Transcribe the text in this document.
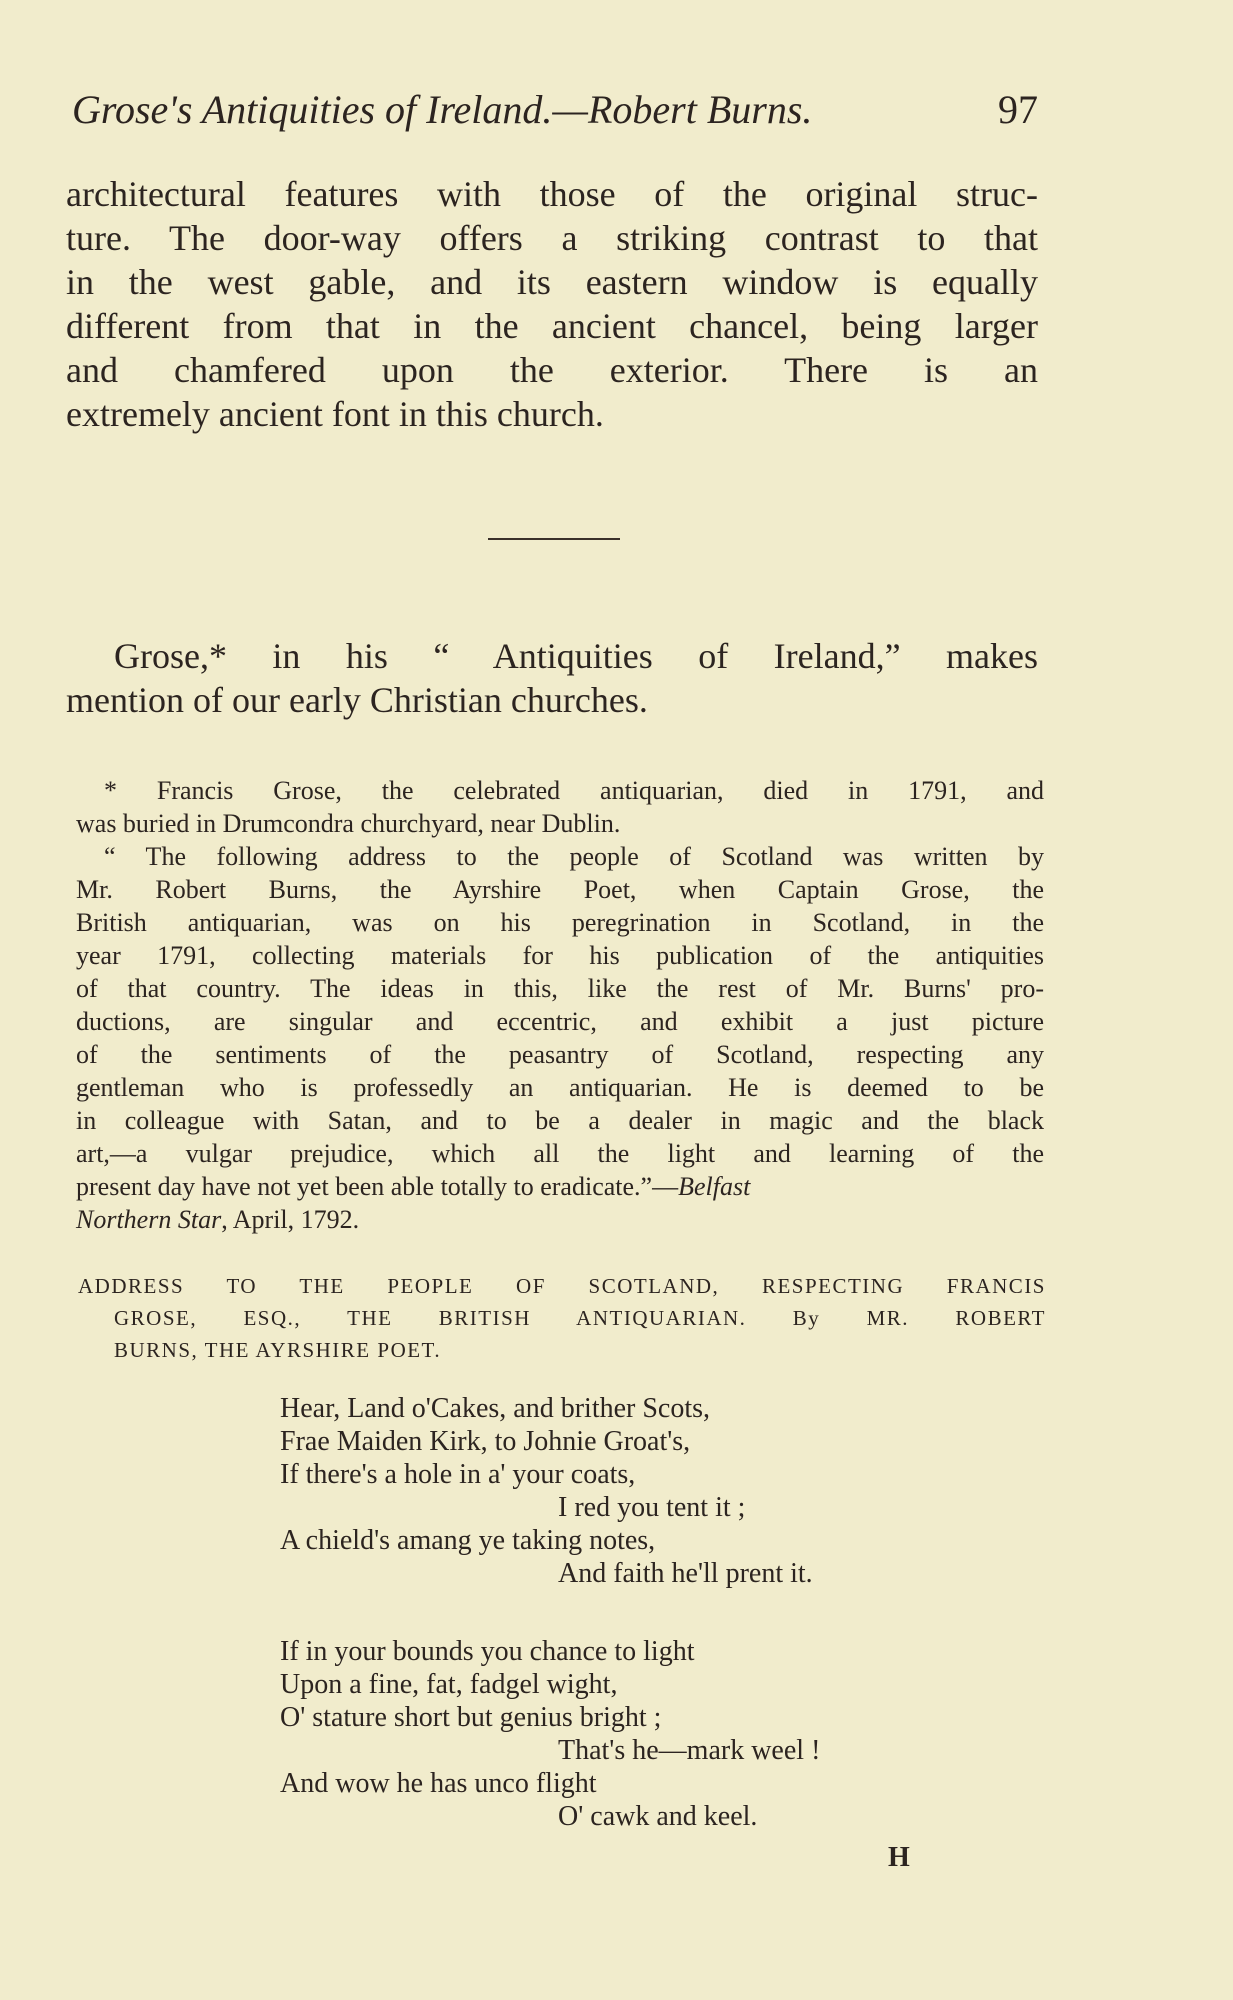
Grose's Antiquities of Ireland.—Robert Burns.	97
architectural features with those of the original struc-
ture. The door-way offers a striking contrast to that
in the west gable, and its eastern window is equally
different from that in the ancient chancel, being larger
and chamfered upon the exterior. There is an
extremely ancient font in this church.
Grose,* in his “ Antiquities of Ireland,” makes
mention of our early Christian churches.
* Francis Grose, the celebrated antiquarian, died in 1791, and
was buried in Drumcondra churchyard, near Dublin.
“ The following address to the people of Scotland was written by
Mr. Robert Burns, the Ayrshire Poet, when Captain Grose, the
British antiquarian, was on his peregrination in Scotland, in the
year 1791, collecting materials for his publication of the antiquities
of that country. The ideas in this, like the rest of Mr. Burns' pro-
ductions, are singular and eccentric, and exhibit a just picture
of the sentiments of the peasantry of Scotland, respecting any
gentleman who is professedly an antiquarian. He is deemed to be
in colleague with Satan, and to be a dealer in magic and the black
art,—a vulgar prejudice, which all the light and learning of the
present day have not yet been able totally to eradicate.”—Belfast
Northern Star, April, 1792.
ADDRESS TO THE PEOPLE OF SCOTLAND, RESPECTING FRANCIS
GROSE, ESQ., THE BRITISH ANTIQUARIAN. By MR. ROBERT
BURNS, THE AYRSHIRE POET.
Hear, Land o'Cakes, and brither Scots,
Frae Maiden Kirk, to Johnie Groat's,
If there's a hole in a' your coats,
I red you tent it ;
A chield's amang ye taking notes,
And faith he'll prent it.
If in your bounds you chance to light
Upon a fine, fat, fadgel wight,
O' stature short but genius bright ;
That's he—mark weel !
And wow he has unco flight
O' cawk and keel.
H
